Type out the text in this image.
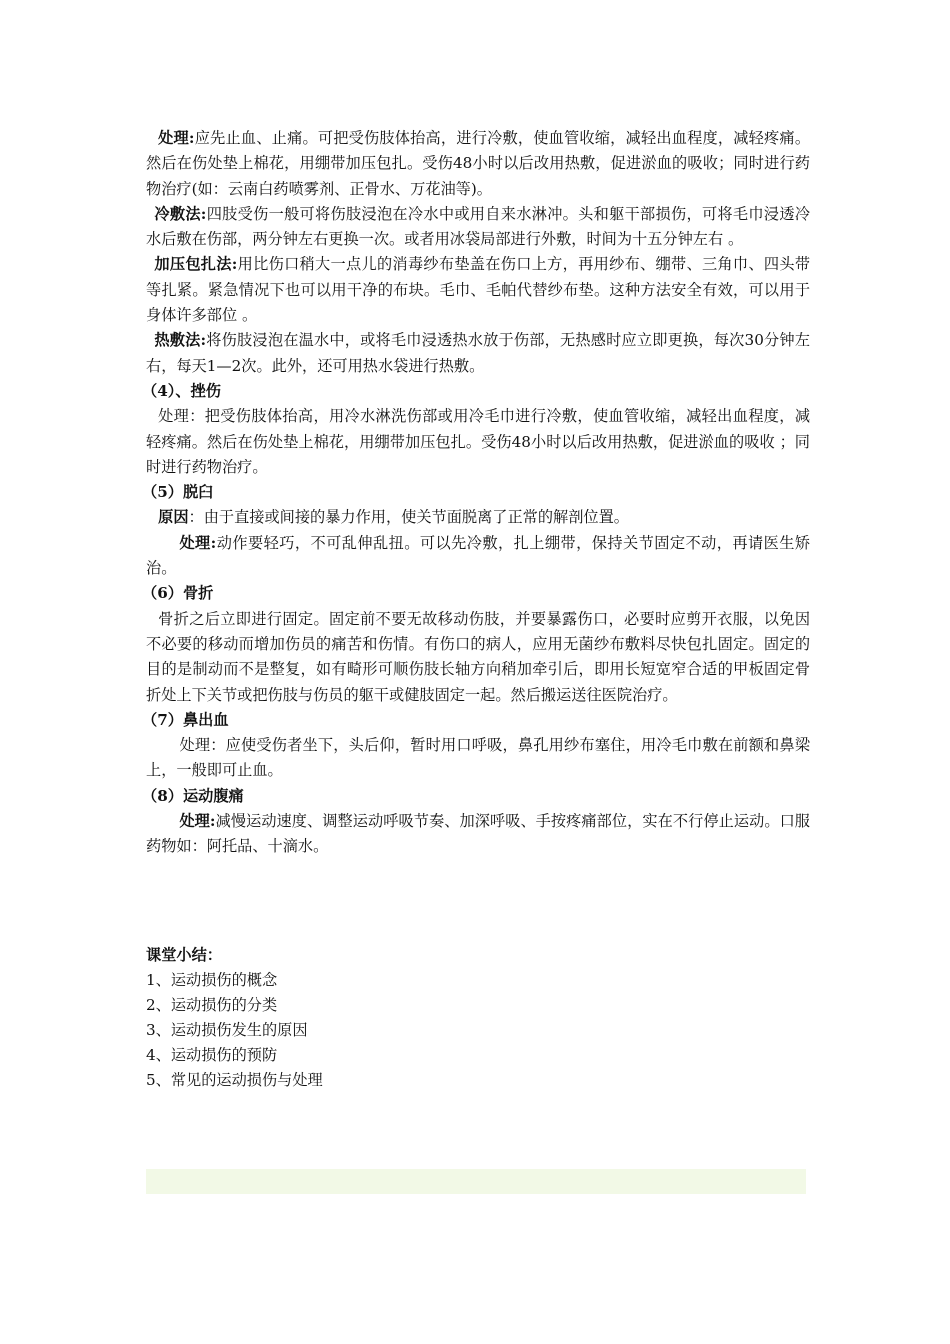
处理:应先止血、止痛。可把受伤肢体抬高，进行冷敷，使血管收缩，减轻出血程度，减轻疼痛。然后在伤处垫上棉花，用绷带加压包扎。受伤48小时以后改用热敷，促进淤血的吸收；同时进行药物治疗(如：云南白药喷雾剂、正骨水、万花油等)。

冷敷法:四肢受伤一般可将伤肢浸泡在冷水中或用自来水淋冲。头和躯干部损伤，可将毛巾浸透冷水后敷在伤部，两分钟左右更换一次。或者用冰袋局部进行外敷，时间为十五分钟左右 。

加压包扎法:用比伤口稍大一点儿的消毒纱布垫盖在伤口上方，再用纱布、绷带、三角巾、四头带等扎紧。紧急情况下也可以用干净的布块。毛巾、毛帕代替纱布垫。这种方法安全有效，可以用于身体许多部位 。

热敷法:将伤肢浸泡在温水中，或将毛巾浸透热水放于伤部，无热感时应立即更换，每次30分钟左右，每天1—2次。此外，还可用热水袋进行热敷。

（4）、挫伤

处理：把受伤肢体抬高，用冷水淋洗伤部或用冷毛巾进行冷敷，使血管收缩，减轻出血程度，减轻疼痛。然后在伤处垫上棉花，用绷带加压包扎。受伤48小时以后改用热敷，促进淤血的吸收 ；同时进行药物治疗。

（5）脱臼

原因：由于直接或间接的暴力作用，使关节面脱离了正常的解剖位置。

处理:动作要轻巧，不可乱伸乱扭。可以先冷敷，扎上绷带，保持关节固定不动，再请医生矫治。

（6）骨折

骨折之后立即进行固定。固定前不要无故移动伤肢，并要暴露伤口，必要时应剪开衣服，以免因不必要的移动而增加伤员的痛苦和伤情。有伤口的病人，应用无菌纱布敷料尽快包扎固定。固定的目的是制动而不是整复，如有畸形可顺伤肢长轴方向稍加牵引后，即用长短宽窄合适的甲板固定骨折处上下关节或把伤肢与伤员的躯干或健肢固定一起。然后搬运送往医院治疗。

（7）鼻出血

处理：应使受伤者坐下，头后仰，暂时用口呼吸，鼻孔用纱布塞住，用冷毛巾敷在前额和鼻梁上，一般即可止血。

（8）运动腹痛

处理:减慢运动速度、调整运动呼吸节奏、加深呼吸、手按疼痛部位，实在不行停止运动。口服药物如：阿托品、十滴水。

课堂小结：
1、运动损伤的概念
2、运动损伤的分类
3、运动损伤发生的原因
4、运动损伤的预防
5、常见的运动损伤与处理
